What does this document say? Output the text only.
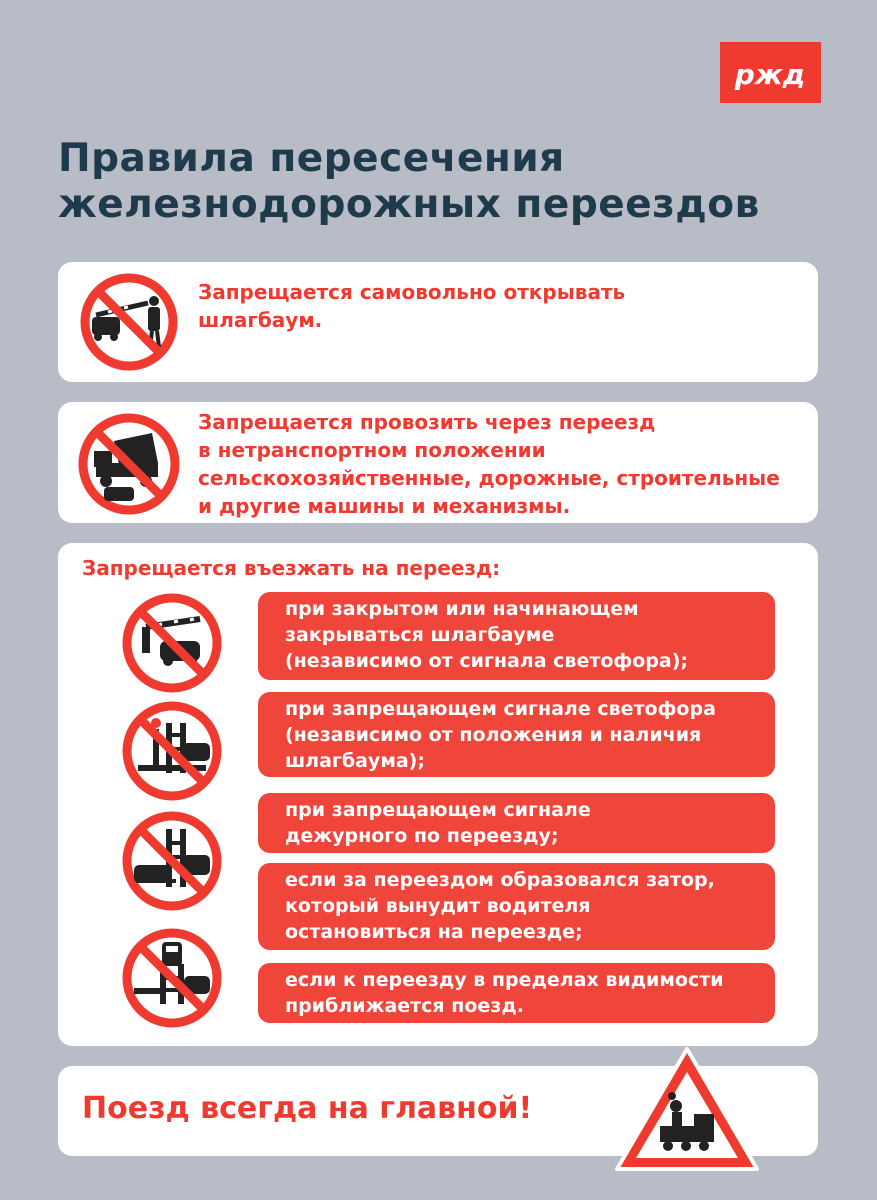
ржд
Правила пересечения
железнодорожных переездов
Запрещается самовольно открывать
шлагбаум.
Запрещается провозить через переезд
в нетранспортном положении
сельскохозяйственные, дорожные, строительные
и другие машины и механизмы.
Запрещается въезжать на переезд:
при закрытом или начинающем
закрываться шлагбауме
(независимо от сигнала светофора);
при запрещающем сигнале светофора
(независимо от положения и наличия
шлагбаума);
при запрещающем сигнале
дежурного по переезду;
если за переездом образовался затор,
который вынудит водителя
остановиться на переезде;
если к переезду в пределах видимости
приближается поезд.
Поезд всегда на главной!
